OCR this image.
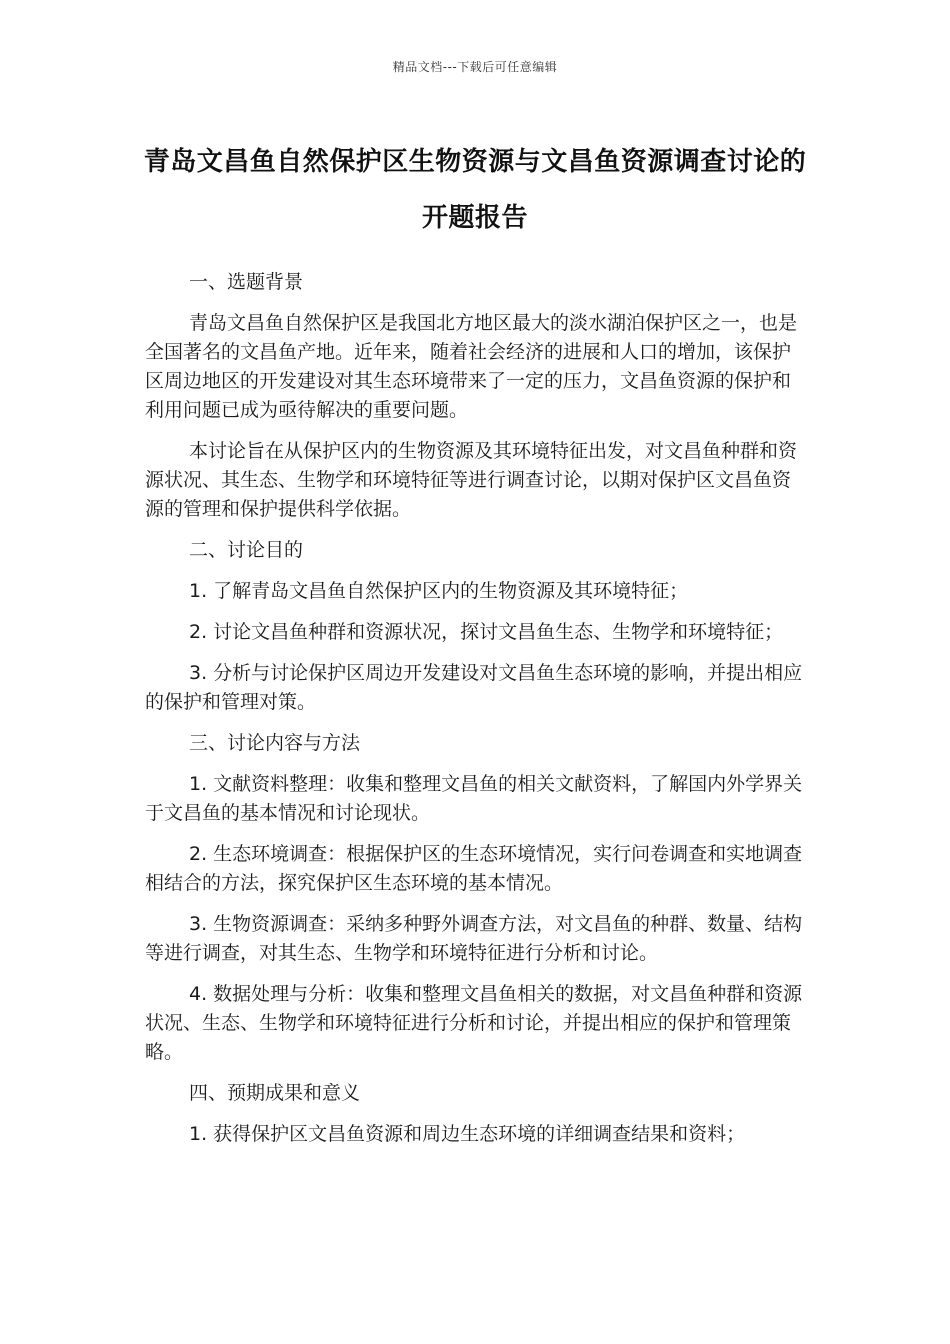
精品文档---下载后可任意编辑
青岛文昌鱼自然保护区生物资源与文昌鱼资源调查讨论的开题报告

一、选题背景

青岛文昌鱼自然保护区是我国北方地区最大的淡水湖泊保护区之一，也是全国著名的文昌鱼产地。近年来，随着社会经济的进展和人口的增加，该保护区周边地区的开发建设对其生态环境带来了一定的压力，文昌鱼资源的保护和利用问题已成为亟待解决的重要问题。

本讨论旨在从保护区内的生物资源及其环境特征出发，对文昌鱼种群和资源状况、其生态、生物学和环境特征等进行调查讨论，以期对保护区文昌鱼资源的管理和保护提供科学依据。

二、讨论目的

1. 了解青岛文昌鱼自然保护区内的生物资源及其环境特征；

2. 讨论文昌鱼种群和资源状况，探讨文昌鱼生态、生物学和环境特征；

3. 分析与讨论保护区周边开发建设对文昌鱼生态环境的影响，并提出相应的保护和管理对策。

三、讨论内容与方法

1. 文献资料整理：收集和整理文昌鱼的相关文献资料，了解国内外学界关于文昌鱼的基本情况和讨论现状。

2. 生态环境调查：根据保护区的生态环境情况，实行问卷调查和实地调查相结合的方法，探究保护区生态环境的基本情况。

3. 生物资源调查：采纳多种野外调查方法，对文昌鱼的种群、数量、结构等进行调查，对其生态、生物学和环境特征进行分析和讨论。

4. 数据处理与分析：收集和整理文昌鱼相关的数据，对文昌鱼种群和资源状况、生态、生物学和环境特征进行分析和讨论，并提出相应的保护和管理策略。

四、预期成果和意义

1. 获得保护区文昌鱼资源和周边生态环境的详细调查结果和资料；
